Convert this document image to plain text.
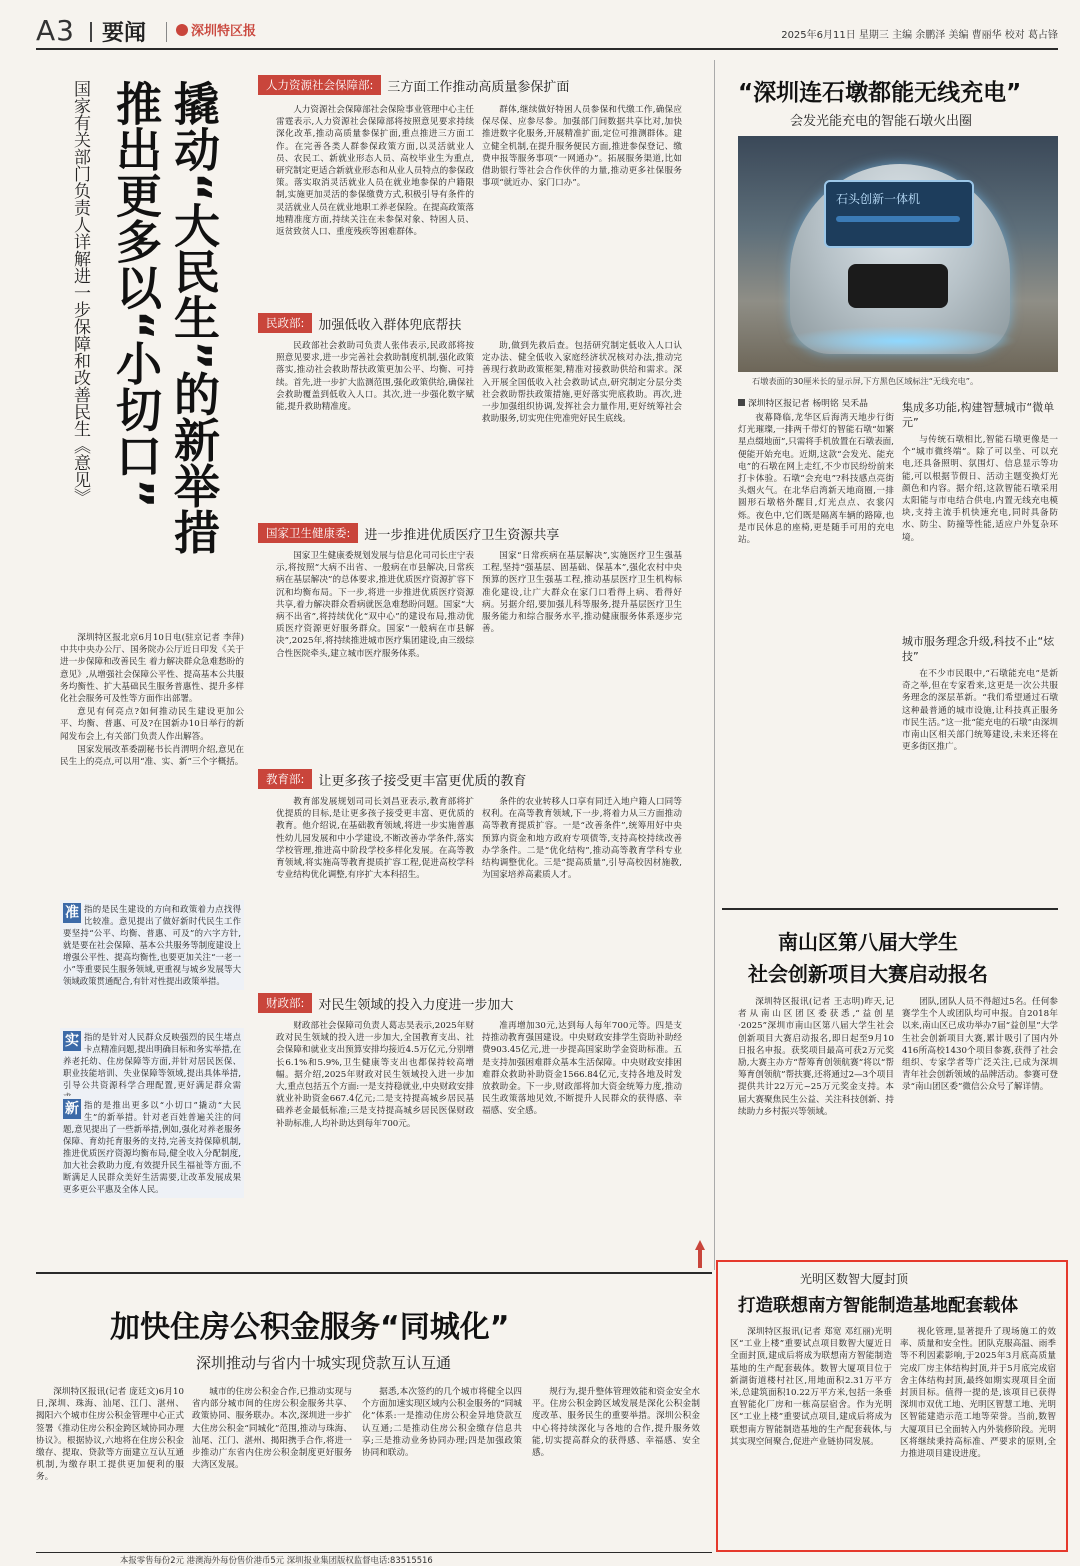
A3 要闻	深圳特区报	2025年6月11日 星期三 主编 余鹏泽 美编 曹丽华 校对 葛占锋
撬动“大民生”的新举措
推出更多以“小切口”
国家有关部门负责人详解进一步保障和改善民生《意见》

深圳特区报北京6月10日电(驻京记者 李萍)中共中央办公厅、国务院办公厅近日印发《关于进一步保障和改善民生 着力解决群众急难愁盼的意见》,从增强社会保障公平性、提高基本公共服务均衡性、扩大基础民生服务普惠性、提升多样化社会服务可及性等方面作出部署。

意见有何亮点?如何推动民生建设更加公平、均衡、普惠、可及?在国新办10日举行的新闻发布会上,有关部门负责人作出解答。

国家发展改革委副秘书长肖渭明介绍,意见在民生上的亮点,可以用“准、实、新”三个字概括。

准 指的是民生建设的方向和政策着力点找得比较准。意见提出了做好新时代民生工作要坚持“公平、均衡、普惠、可及”的六字方针,就是要在社会保障、基本公共服务等制度建设上增强公平性、提高均衡性,也要更加关注“一老一小”等重要民生服务领域,更重视与城乡发展等大领域政策贯通配合,有针对性提出政策举措。
实 指的是针对人民群众反映强烈的民生堵点卡点精准问题,提出明确目标和务实举措,在养老托幼、住房保障等方面,并针对居民医保、职业技能培训、失业保障等领域,提出具体举措,引导公共资源科学合理配置,更好满足群众需
新 指的是推出更多以“小切口”撬动“大民生”的新举措。针对老百姓普遍关注的问题,意见提出了一些新举措,例如,强化对养老服务保障、育幼托育服务的支持,完善支持保障机制,推进优质医疗资源均衡布局,健全收入分配制度,加大社会救助力度,有效提升民生福祉等方面,不断满足人民群众美好生活需要,让改革发展成果更多更公平惠及全体人民。
人力资源社会保障部:	三方面工作推动高质量参保扩面
人力资源社会保障部社会保险事业管理中心主任雷霆表示,人力资源社会保障部将按照意见要求持续深化改革,推动高质量参保扩面,重点推进三方面工作。在完善各类人群参保政策方面,以灵活就业人员、农民工、新就业形态人员、高校毕业生为重点,研究制定更适合新就业形态和从业人员特点的参保政策。落实取消灵活就业人员在就业地参保的户籍限制,实施更加灵活的参保缴费方式,积极引导有条件的灵活就业人员在就业地职工养老保险。在提高政策落地精准度方面,持续关注在未参保对象、特困人员、返贫致贫人口、重度残疾等困难群体。
群体,继续做好特困人员参保和代缴工作,确保应保尽保、应参尽参。加强部门间数据共享比对,加快推进数字化服务,开展精准扩面,定位可推测群体。建立健全机制,在提升服务便民方面,推进参保登记、缴费申报等服务事项“一网通办”。拓展服务渠道,比如借助银行等社会合作伙伴的力量,推动更多社保服务事项“就近办、家门口办”。
民政部:	加强低收入群体兜底帮扶
民政部社会救助司负责人张伟表示,民政部将按照意见要求,进一步完善社会救助制度机制,强化政策落实,推动社会救助帮扶政策更加公平、均衡、可持续。首先,进一步扩大监测范围,强化政策供给,确保社会救助覆盖到低收入人口。其次,进一步强化数字赋能,提升救助精准度。
助,做到先救后查。包括研究制定低收入人口认定办法、健全低收入家庭经济状况核对办法,推动完善现行救助政策框架,精准对接救助供给和需求。深入开展全国低收入社会救助试点,研究制定分层分类社会救助帮扶政策措施,更好落实兜底救助。再次,进一步加强组织协调,发挥社会力量作用,更好统筹社会救助服务,切实兜住兜准兜好民生底线。
国家卫生健康委:	进一步推进优质医疗卫生资源共享
国家卫生健康委规划发展与信息化司司长庄宁表示,将按照“大病不出省、一般病在市县解决,日常疾病在基层解决”的总体要求,推进优质医疗资源扩容下沉和均衡布局。下一步,将进一步推进优质医疗资源共享,着力解决群众看病就医急难愁盼问题。国家“大病不出省”,将持续优化“双中心”的建设布局,推动优质医疗资源更好服务群众。国家“一般病在市县解决”,2025年,将持续推进城市医疗集团建设,由三级综合性医院牵头,建立城市医疗服务体系。
国家“日常疾病在基层解决”,实施医疗卫生强基工程,坚持“强基层、固基础、保基本”,强化农村中央预算的医疗卫生强基工程,推动基层医疗卫生机构标准化建设,让广大群众在家门口看得上病、看得好病。另据介绍,要加强儿科等服务,提升基层医疗卫生服务能力和综合服务水平,推动健康服务体系逐步完善。
教育部:	让更多孩子接受更丰富更优质的教育
教育部发展规划司司长刘昌亚表示,教育部将扩优提质的目标,是让更多孩子接受更丰富、更优质的教育。他介绍说,在基础教育领域,将进一步实施普惠性幼儿园发展和中小学建设,不断改善办学条件,落实学校管理,推进高中阶段学校多样化发展。在高等教育领域,将实施高等教育提质扩容工程,促进高校学科专业结构优化调整,有序扩大本科招生。
条件的农业转移人口享有同迁入地户籍人口同等权利。在高等教育领域,下一步,将着力从三方面推动高等教育提质扩容。一是“改善条件”,统筹用好中央预算内资金和地方政府专项债等,支持高校持续改善办学条件。二是“优化结构”,推动高等教育学科专业结构调整优化。三是“提高质量”,引导高校因材施教,为国家培养高素质人才。
财政部:	对民生领域的投入力度进一步加大
财政部社会保障司负责人葛志昊表示,2025年财政对民生领域的投入进一步加大,全国教育支出、社会保障和就业支出预算安排均接近4.5万亿元,分别增长6.1%和5.9%,卫生健康等支出也都保持较高增幅。据介绍,2025年财政对民生领域投入进一步加大,重点包括五个方面:一是支持稳就业,中央财政安排就业补助资金667.4亿元;二是支持提高城乡居民基础养老金最低标准;三是支持提高城乡居民医保财政补助标准,人均补助达到每年700元。
准再增加30元,达到每人每年700元等。四是支持推动教育强国建设。中央财政安排学生资助补助经费903.45亿元,进一步提高国家助学金资助标准。五是支持加强困难群众基本生活保障。中央财政安排困难群众救助补助资金1566.84亿元,支持各地及时发放救助金。下一步,财政部将加大资金统筹力度,推动民生政策落地见效,不断提升人民群众的获得感、幸福感、安全感。
加快住房公积金服务“同城化”
深圳推动与省内十城实现贷款互认互通
深圳特区报讯(记者 庞廷文)6月10日,深圳、珠海、汕尾、江门、湛州、揭阳六个城市住房公积金管理中心正式签署《推动住房公积金跨区域协同办理协议》。根据协议,六地将在住房公积金缴存、提取、贷款等方面建立互认互通机制,为缴存职工提供更加便利的服务。
城市的住房公积金合作,已推动实现与省内部分城市间的住房公积金服务共享、政策协同、服务联办。本次,深圳进一步扩大住房公积金“同城化”范围,推动与珠海、汕尾、江门、湛州、揭阳携手合作,将进一步推动广东省内住房公积金制度更好服务大湾区发展。
据悉,本次签约的几个城市将健全以四个方面加速实现区域内公积金服务的“同城化”体系:一是推动住房公积金异地贷款互认互通;二是推动住房公积金缴存信息共享;三是推动业务协同办理;四是加强政策协同和联动。
规行为,提升整体管理效能和资金安全水平。住房公积金跨区域发展是深化公积金制度改革、服务民生的重要举措。深圳公积金中心将持续深化与各地的合作,提升服务效能,切实提高群众的获得感、幸福感、安全感。
“深圳连石墩都能无线充电”
会发光能充电的智能石墩火出圈
石头创新一体机
石墩表面的30厘米长的显示屏,下方黑色区域标注“无线充电”。
深圳特区报记者 杨明铭 吴禾晶
夜幕降临,龙华区后海湾天地步行街灯光璀璨,一排两千带灯的智能石墩“如繁星点缀地面”,只需将手机放置在石墩表面,便能开始充电。近期,这款“会发光、能充电”的石墩在网上走红,不少市民纷纷前来打卡体验。石墩“会充电”?科技感点亮街头烟火气。在北华启湾新天地商圈,一排圆形石墩格外醒目,灯光点点、衣裳闪烁。夜色中,它们既是隔离车辆的路障,也是市民休息的座椅,更是随手可用的充电站。
集成多功能,构建智慧城市“微单元”
与传统石墩相比,智能石墩更像是一个“城市微终端”。除了可以坐、可以充电,还具备照明、氛围灯、信息显示等功能,可以根据节假日、活动主题变换灯光颜色和内容。据介绍,这款智能石墩采用太阳能与市电结合供电,内置无线充电模块,支持主流手机快速充电,同时具备防水、防尘、防撞等性能,适应户外复杂环境。
城市服务理念升级,科技不止“炫技”
在不少市民眼中,“石墩能充电”是新奇之举,但在专家看来,这更是一次公共服务理念的深层革新。“我们希望通过石墩这种最普通的城市设施,让科技真正服务市民生活。”这一批“能充电的石墩”由深圳市南山区相关部门统筹建设,未来还将在更多街区推广。
南山区第八届大学生
社会创新项目大赛启动报名
深圳特区报讯(记者 王志明)昨天,记者从南山区团区委获悉,“益创星·2025”深圳市南山区第八届大学生社会创新项目大赛启动报名,即日起至9月10日报名申报。获奖项目最高可获2万元奖励,大赛主办方“帮筹育创领航赛”将以“帮筹育创领航”帮扶赛,还将通过2—3个项目提供共计22万元~25万元奖金支持。本届大赛聚焦民生公益、关注科技创新、持续助力乡村振兴等领域。
团队,团队人员不得超过5名。任何参赛学生个人或团队均可申报。自2018年以来,南山区已成功举办7届“益创星”大学生社会创新项目大赛,累计吸引了国内外416所高校1430个项目参赛,获得了社会组织、专家学者等广泛关注,已成为深圳青年社会创新领域的品牌活动。参赛可登录“南山团区委”微信公众号了解详情。
光明区数智大厦封顶
打造联想南方智能制造基地配套载体
深圳特区报讯(记者 郑宽 邓红丽)光明区“工业上楼”重要试点项目数智大厦近日全面封顶,建成后将成为联想南方智能制造基地的生产配套载体。数智大厦项目位于新湖街道楼村社区,用地面积2.31万平方米,总建筑面积10.22万平方米,包括一条垂直智能化厂房和一栋高层宿舍。作为光明区“工业上楼”重要试点项目,建成后将成为联想南方智能制造基地的生产配套载体,与其实现空间聚合,促进产业链协同发展。
视化管理,显著提升了现场施工的效率、质量和安全性。团队克服高温、雨季等不利因素影响,于2025年3月底高质量完成厂房主体结构封顶,并于5月底完成宿舍主体结构封顶,最终如期实现项目全面封顶目标。值得一提的是,该项目已获得深圳市双优工地、光明区智慧工地、光明区智能建造示范工地等荣誉。当前,数智大厦项目已全面转入内外装修阶段。光明区将继续秉持高标准、严要求的原则,全力推进项目建设进度。
本报零售每份2元 港澳海外每份售价港币5元 深圳报业集团版权监督电话:83515516
